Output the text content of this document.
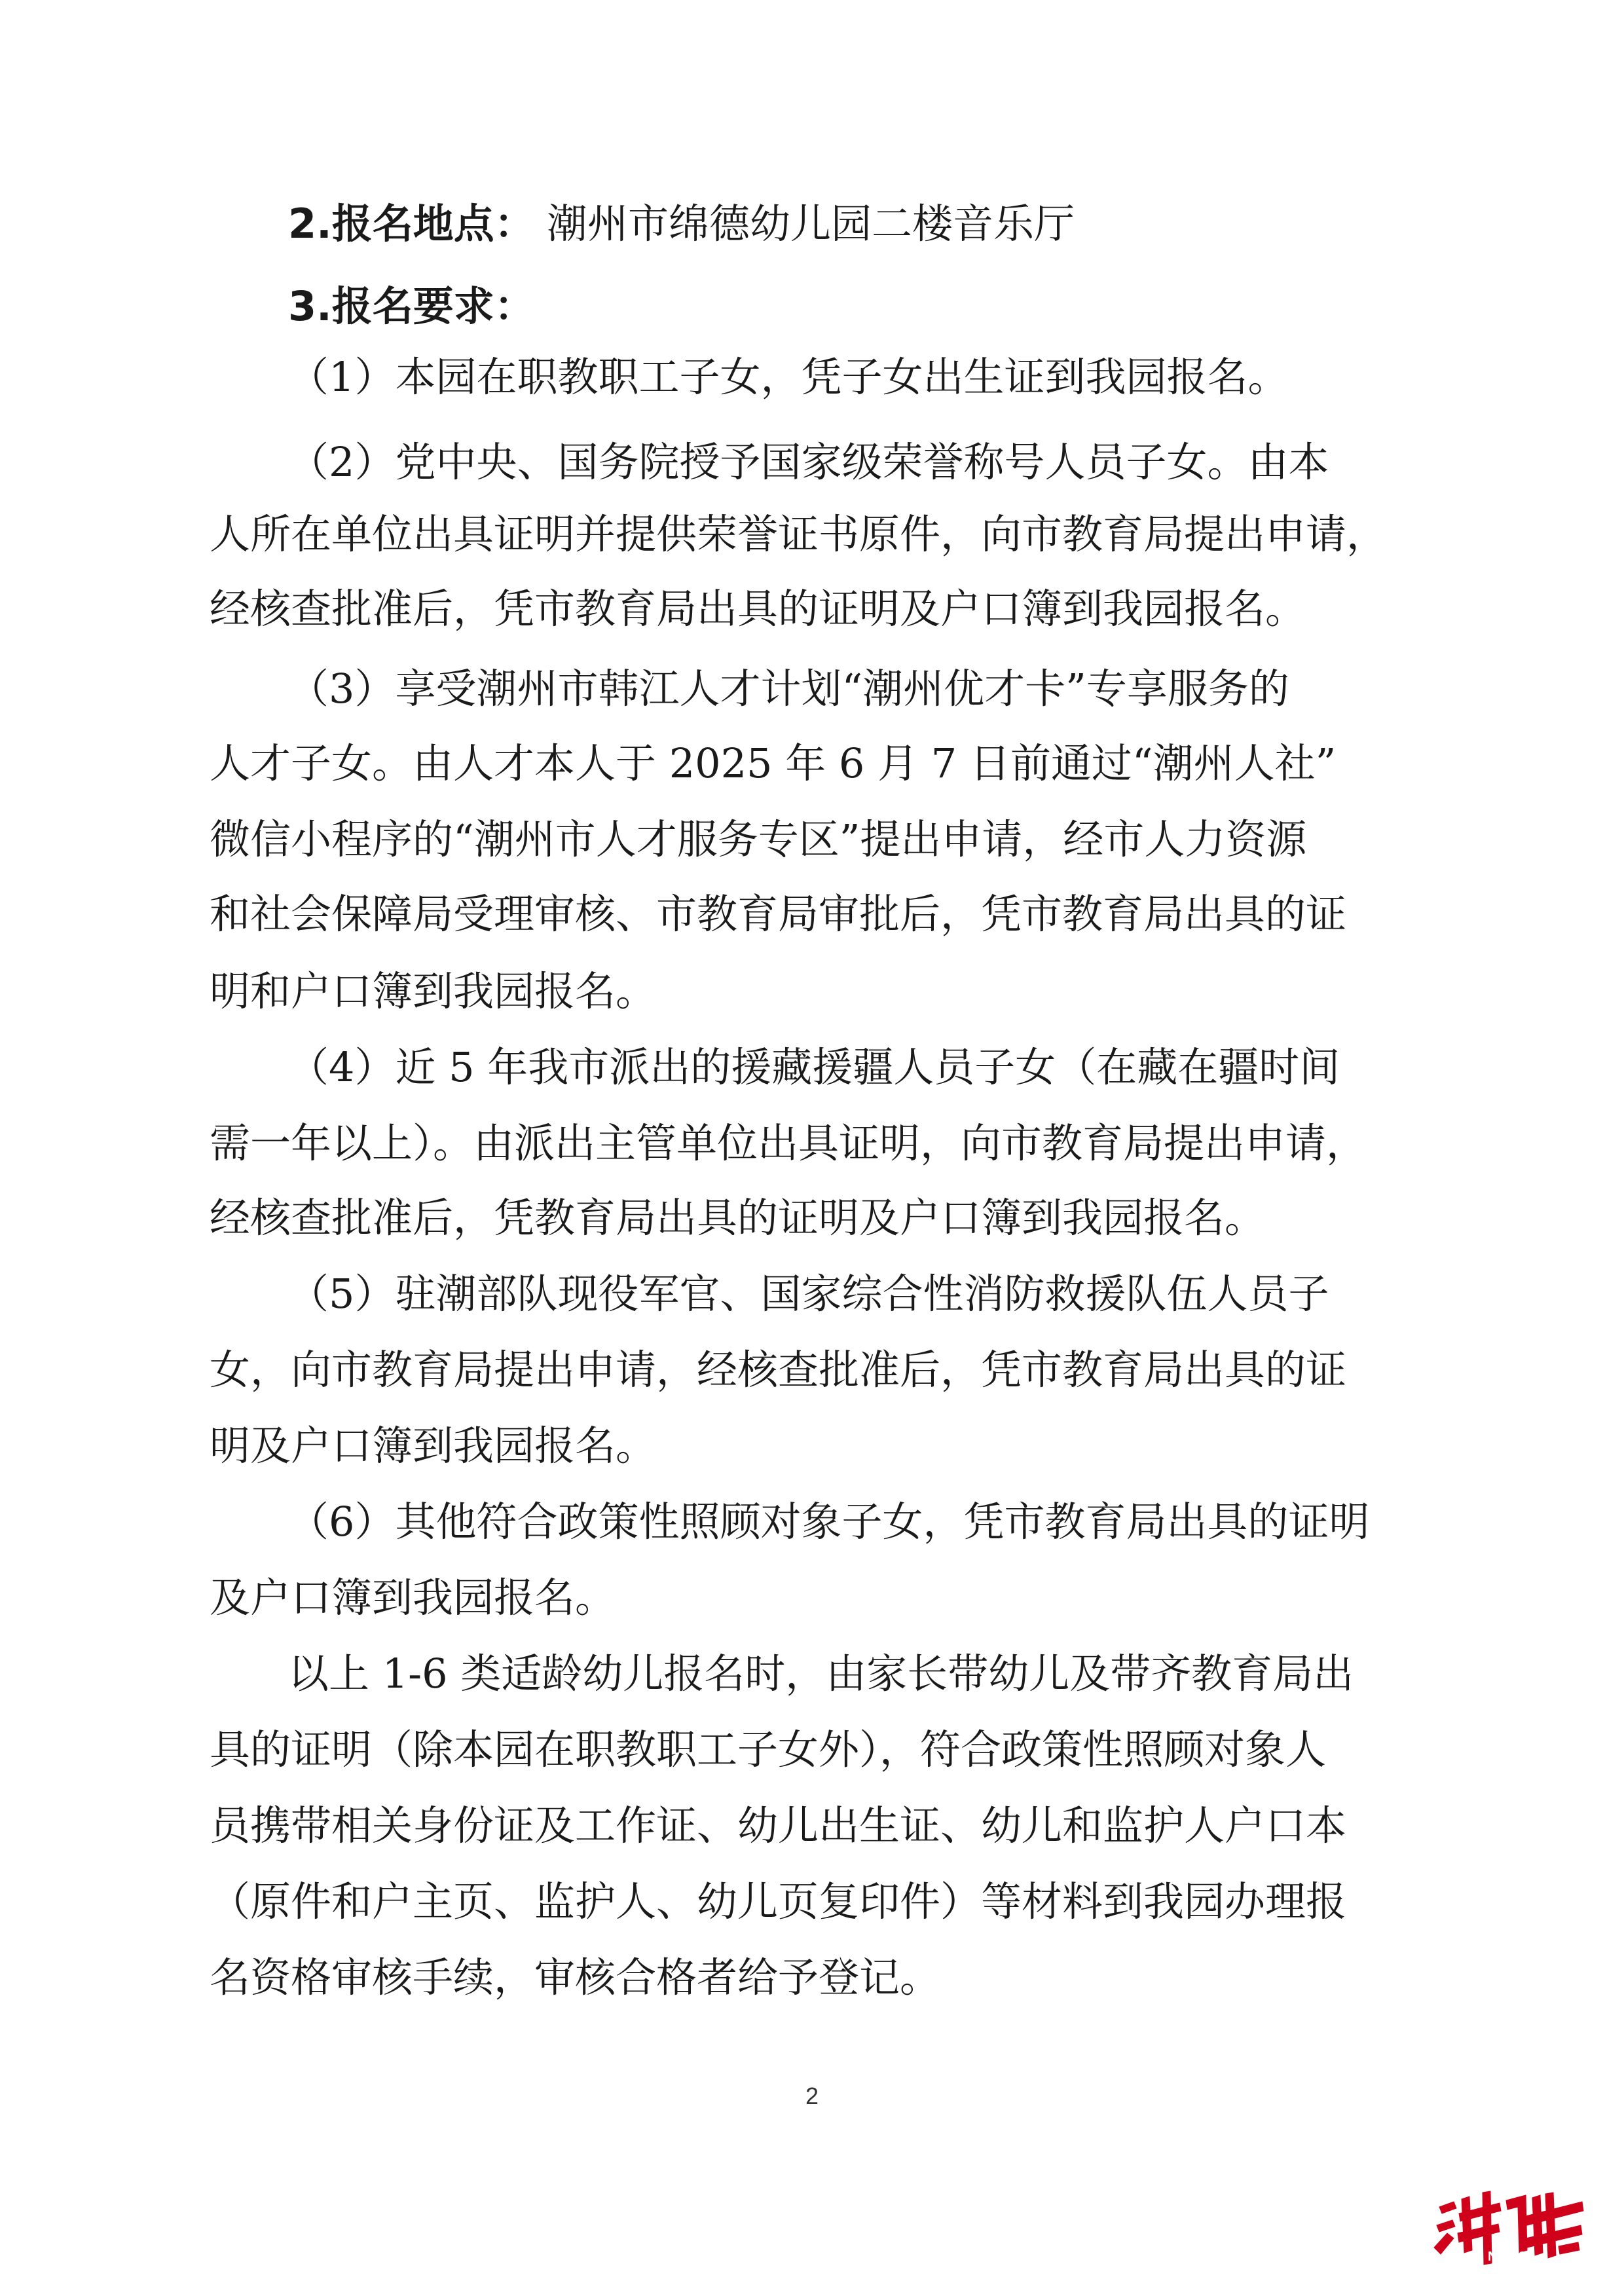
2.报名地点： 潮州市绵德幼儿园二楼音乐厅
3.报名要求：
（1）本园在职教职工子女，凭子女出生证到我园报名。
（2）党中央、国务院授予国家级荣誉称号人员子女。由本
人所在单位出具证明并提供荣誉证书原件，向市教育局提出申请，
经核查批准后，凭市教育局出具的证明及户口簿到我园报名。
（3）享受潮州市韩江人才计划“潮州优才卡”专享服务的
人才子女。由人才本人于 2025 年 6 月 7 日前通过“潮州人社”
微信小程序的“潮州市人才服务专区”提出申请，经市人力资源
和社会保障局受理审核、市教育局审批后，凭市教育局出具的证
明和户口簿到我园报名。
（4）近 5 年我市派出的援藏援疆人员子女（在藏在疆时间
需一年以上）。由派出主管单位出具证明，向市教育局提出申请，
经核查批准后，凭教育局出具的证明及户口簿到我园报名。
（5）驻潮部队现役军官、国家综合性消防救援队伍人员子
女，向市教育局提出申请，经核查批准后，凭市教育局出具的证
明及户口簿到我园报名。
（6）其他符合政策性照顾对象子女，凭市教育局出具的证明
及户口簿到我园报名。
以上 1-6 类适龄幼儿报名时，由家长带幼儿及带齐教育局出
具的证明（除本园在职教职工子女外），符合政策性照顾对象人
员携带相关身份证及工作证、幼儿出生证、幼儿和监护人户口本
（原件和户主页、监护人、幼儿页复印件）等材料到我园办理报
名资格审核手续，审核合格者给予登记。
2
NEWS
